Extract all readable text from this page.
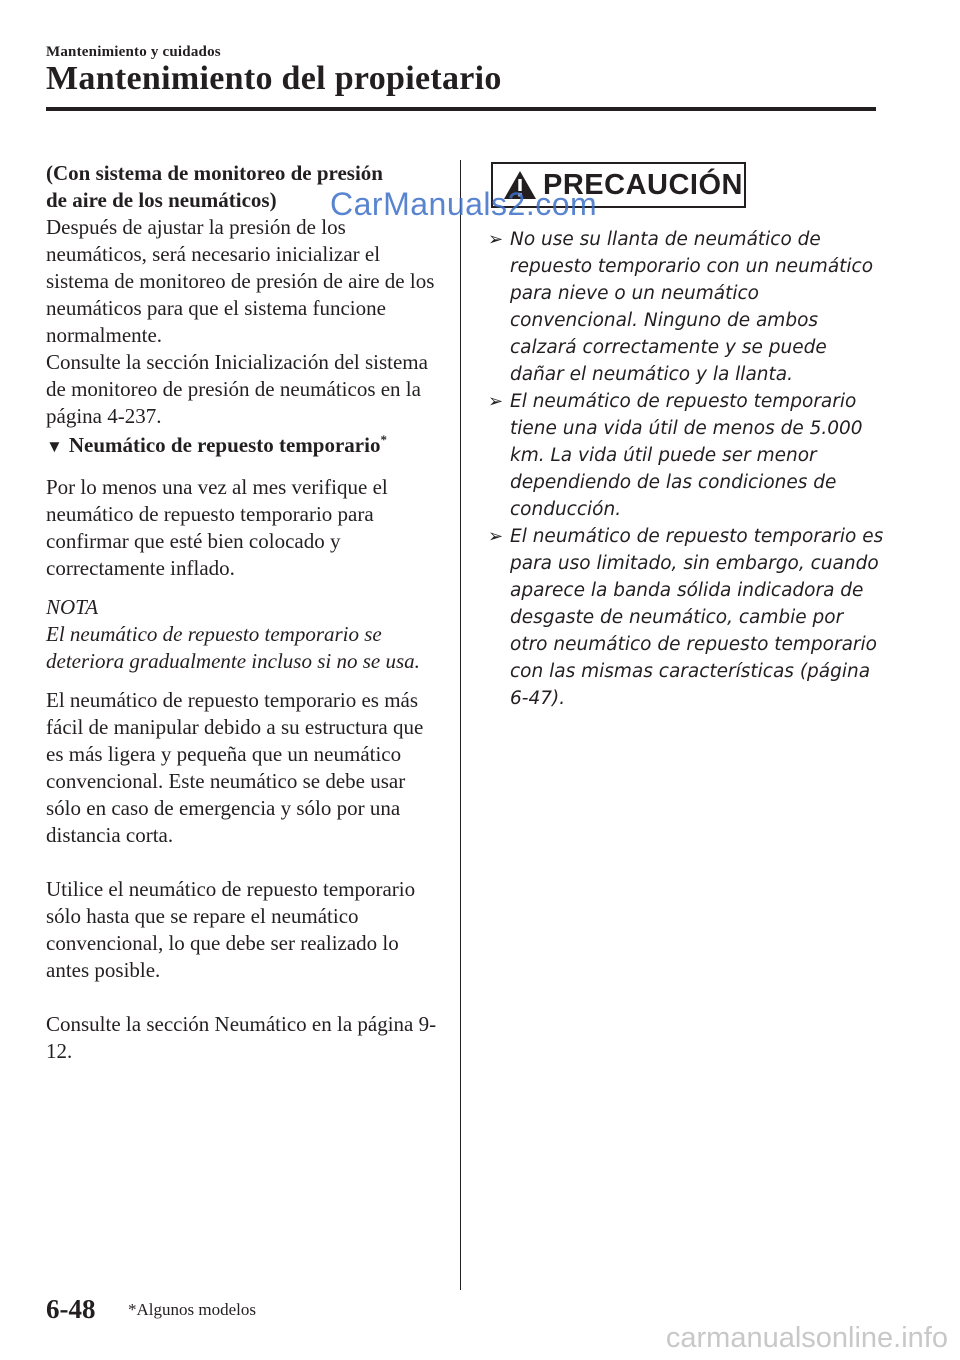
Mantenimiento y cuidados
Mantenimiento del propietario

(Con sistema de monitoreo de presión
de aire de los neumáticos)

Después de ajustar la presión de los neumáticos, será necesario inicializar el sistema de monitoreo de presión de aire de los neumáticos para que el sistema funcione normalmente.

Consulte la sección Inicialización del sistema de monitoreo de presión de neumáticos en la página 4-237.

▼ Neumático de repuesto temporario*

Por lo menos una vez al mes verifique el neumático de repuesto temporario para confirmar que esté bien colocado y correctamente inflado.

NOTA

El neumático de repuesto temporario se deteriora gradualmente incluso si no se usa.

El neumático de repuesto temporario es más fácil de manipular debido a su estructura que es más ligera y pequeña que un neumático convencional. Este neumático se debe usar sólo en caso de emergencia y sólo por una distancia corta.

Utilice el neumático de repuesto temporario sólo hasta que se repare el neumático convencional, lo que debe ser realizado lo antes posible.

Consulte la sección Neumático en la página 9-12.

PRECAUCIÓN
CarManuals2.com
➢ No use su llanta de neumático de repuesto temporario con un neumático para nieve o un neumático convencional. Ninguno de ambos calzará correctamente y se puede dañar el neumático y la llanta.
➢ El neumático de repuesto temporario tiene una vida útil de menos de 5.000 km. La vida útil puede ser menor dependiendo de las condiciones de conducción.
➢ El neumático de repuesto temporario es para uso limitado, sin embargo, cuando aparece la banda sólida indicadora de desgaste de neumático, cambie por otro neumático de repuesto temporario con las mismas características (página 6-47).
6-48 *Algunos modelos
carmanualsonline.info
